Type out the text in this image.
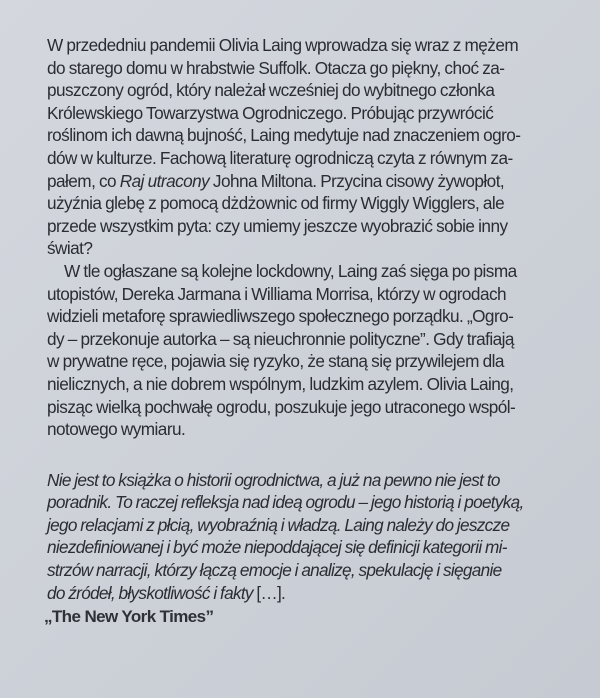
W przededniu pandemii Olivia Laing wprowadza się wraz z mężem
do starego domu w hrabstwie Suffolk. Otacza go piękny, choć za-
puszczony ogród, który należał wcześniej do wybitnego członka
Królewskiego Towarzystwa Ogrodniczego. Próbując przywrócić
roślinom ich dawną bujność, Laing medytuje nad znaczeniem ogro-
dów w kulturze. Fachową literaturę ogrodniczą czyta z równym za-
pałem, co Raj utracony Johna Miltona. Przycina cisowy żywopłot,
użyźnia glebę z pomocą dżdżownic od firmy Wiggly Wigglers, ale
przede wszystkim pyta: czy umiemy jeszcze wyobrazić sobie inny
świat?
W tle ogłaszane są kolejne lockdowny, Laing zaś sięga po pisma
utopistów, Dereka Jarmana i Williama Morrisa, którzy w ogrodach
widzieli metaforę sprawiedliwszego społecznego porządku. „Ogro-
dy – przekonuje autorka – są nieuchronnie polityczne”. Gdy trafiają
w prywatne ręce, pojawia się ryzyko, że staną się przywilejem dla
nielicznych, a nie dobrem wspólnym, ludzkim azylem. Olivia Laing,
pisząc wielką pochwałę ogrodu, poszukuje jego utraconego wspól-
notowego wymiaru.
Nie jest to książka o historii ogrodnictwa, a już na pewno nie jest to
poradnik. To raczej refleksja nad ideą ogrodu – jego historią i poetyką,
jego relacjami z płcią, wyobraźnią i władzą. Laing należy do jeszcze
niezdefiniowanej i być może niepoddającej się definicji kategorii mi-
strzów narracji, którzy łączą emocje i analizę, spekulację i sięganie
do źródeł, błyskotliwość i fakty […].
„The New York Times”
